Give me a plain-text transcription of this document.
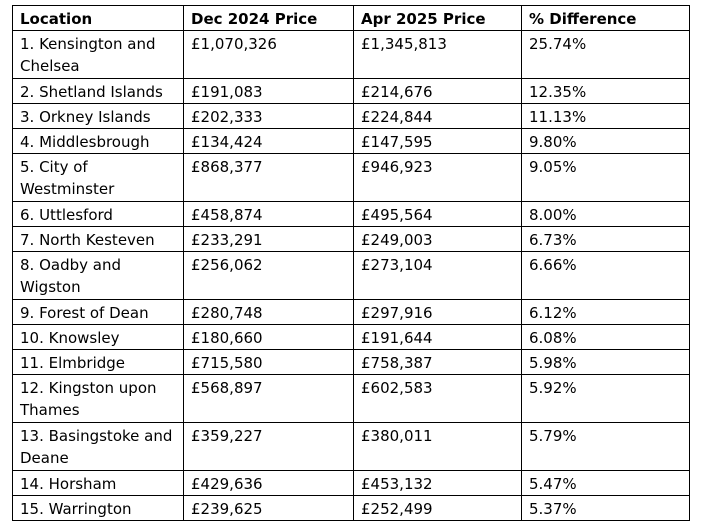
Location	Dec 2024 Price	Apr 2025 Price	% Difference
1. Kensington and Chelsea	£1,070,326	£1,345,813	25.74%
2. Shetland Islands	£191,083	£214,676	12.35%
3. Orkney Islands	£202,333	£224,844	11.13%
4. Middlesbrough	£134,424	£147,595	9.80%
5. City of Westminster	£868,377	£946,923	9.05%
6. Uttlesford	£458,874	£495,564	8.00%
7. North Kesteven	£233,291	£249,003	6.73%
8. Oadby and Wigston	£256,062	£273,104	6.66%
9. Forest of Dean	£280,748	£297,916	6.12%
10. Knowsley	£180,660	£191,644	6.08%
11. Elmbridge	£715,580	£758,387	5.98%
12. Kingston upon Thames	£568,897	£602,583	5.92%
13. Basingstoke and Deane	£359,227	£380,011	5.79%
14. Horsham	£429,636	£453,132	5.47%
15. Warrington	£239,625	£252,499	5.37%
